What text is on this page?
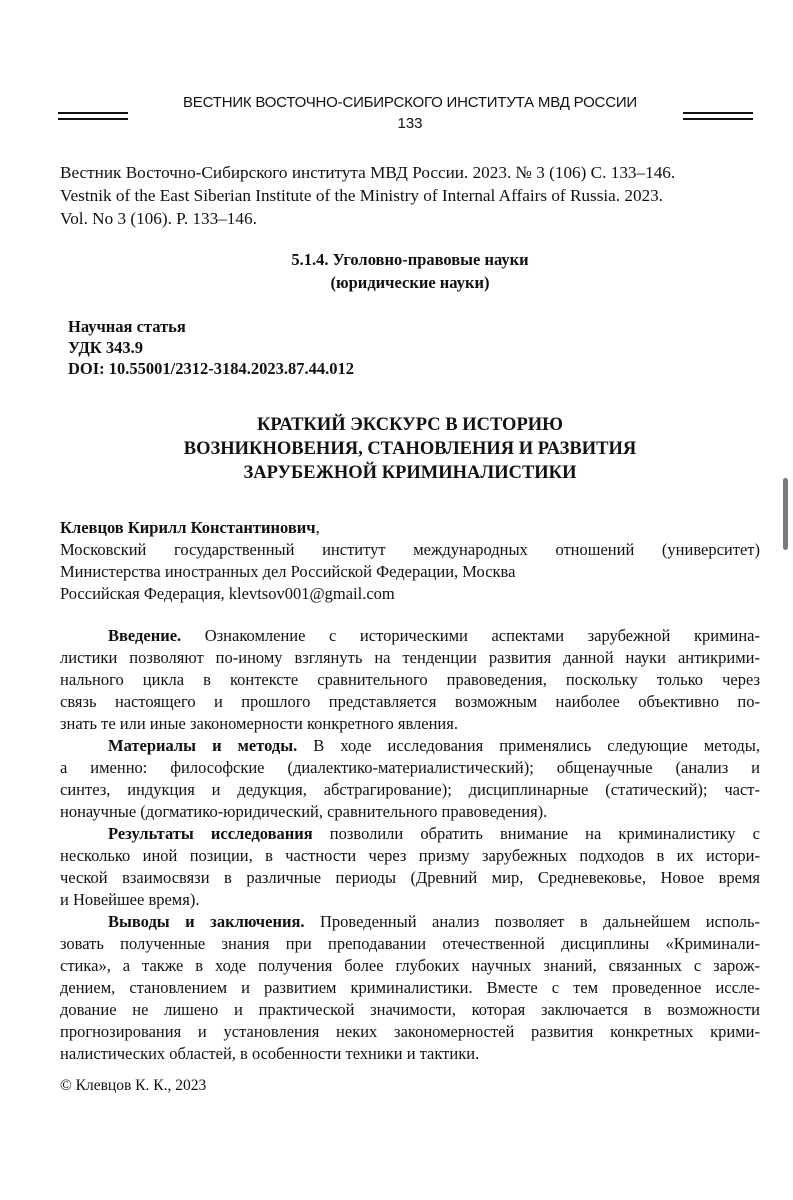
ВЕСТНИК ВОСТОЧНО-СИБИРСКОГО ИНСТИТУТА МВД РОССИИ
133
Вестник Восточно-Сибирского института МВД России. 2023. № 3 (106) С. 133–146.
Vestnik of the East Siberian Institute of the Ministry of Internal Affairs of Russia. 2023.
Vol. No 3 (106). P. 133–146.
5.1.4. Уголовно-правовые науки
(юридические науки)
Научная статья
УДК 343.9
DOI: 10.55001/2312-3184.2023.87.44.012
КРАТКИЙ ЭКСКУРС В ИСТОРИЮ
ВОЗНИКНОВЕНИЯ, СТАНОВЛЕНИЯ И РАЗВИТИЯ
ЗАРУБЕЖНОЙ КРИМИНАЛИСТИКИ
Клевцов Кирилл Константинович,
Московский государственный институт международных отношений (университет)
Министерства иностранных дел Российской Федерации, Москва
Российская Федерация, klevtsov001@gmail.com

Введение. Ознакомление с историческими аспектами зарубежной кримина-
листики позволяют по-иному взглянуть на тенденции развития данной науки антикрими-
нального цикла в контексте сравнительного правоведения, поскольку только через
связь настоящего и прошлого представляется возможным наиболее объективно по-
знать те или иные закономерности конкретного явления.

Материалы и методы. В ходе исследования применялись следующие методы,
а именно: философские (диалектико-материалистический); общенаучные (анализ и
синтез, индукция и дедукция, абстрагирование); дисциплинарные (статический); част-
нонаучные (догматико-юридический, сравнительного правоведения).

Результаты исследования позволили обратить внимание на криминалистику с
несколько иной позиции, в частности через призму зарубежных подходов в их истори-
ческой взаимосвязи в различные периоды (Древний мир, Средневековье, Новое время
и Новейшее время).

Выводы и заключения. Проведенный анализ позволяет в дальнейшем исполь-
зовать полученные знания при преподавании отечественной дисциплины «Криминали-
стика», а также в ходе получения более глубоких научных знаний, связанных с зарож-
дением, становлением и развитием криминалистики. Вместе с тем проведенное иссле-
дование не лишено и практической значимости, которая заключается в возможности
прогнозирования и установления неких закономерностей развития конкретных крими-
налистических областей, в особенности техники и тактики.

© Клевцов К. К., 2023
